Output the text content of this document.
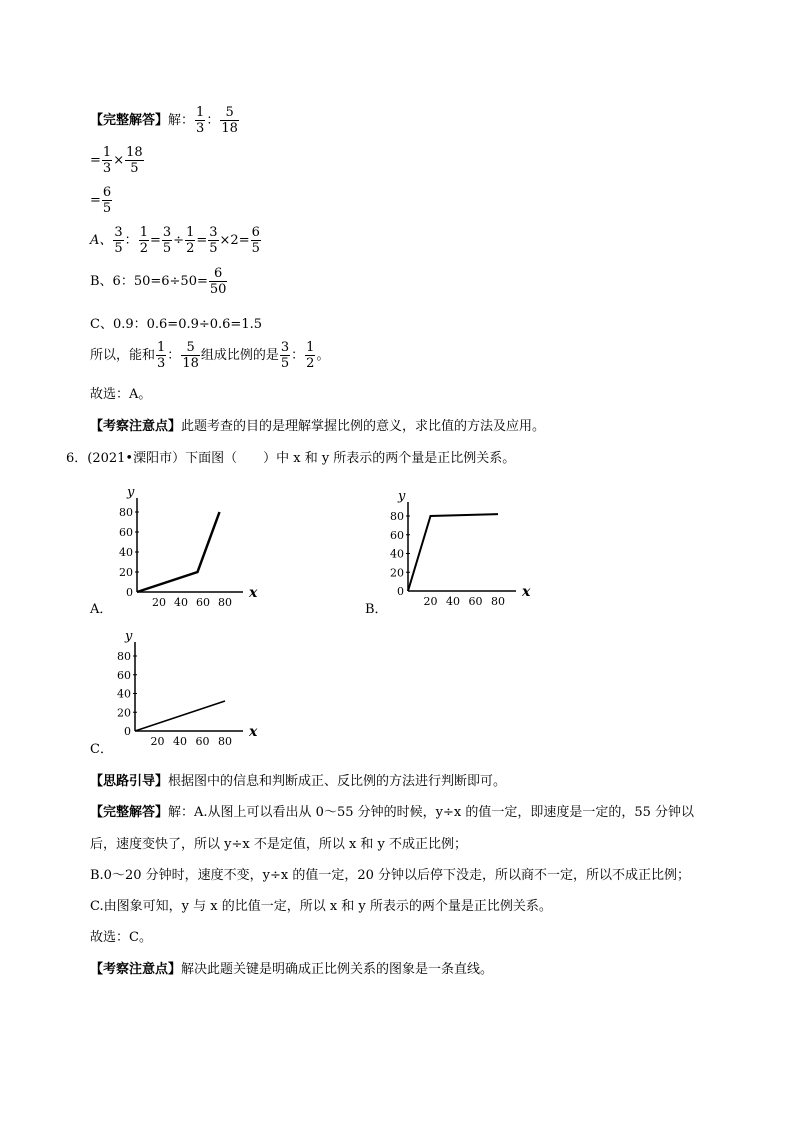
【完整解答】解： $\frac{1}{3}$ ： $\frac{5}{18}$
= $\frac{1}{3} \times \frac{18}{5}$
= $\frac{6}{5}$
A、 $\frac{3}{5}$ ： $\frac{1}{2} = \frac{3}{5} \div \frac{1}{2} = \frac{3}{5} \times 2= \frac{6}{5}$
B、6：$50=6\div 50= \frac{6}{50}$
C、0.9：0.6=0.9÷0.6=1.5
所以，能和 $\frac{1}{3}$ ： $\frac{5}{18}$ 组成比例的是 $\frac{3}{5}$ ： $\frac{1}{2}$ 。
故选：A。
【考察注意点】此题考查的目的是理解掌握比例的意义，求比值的方法及应用。
6．(2021•溧阳市）下面图（　　）中 x 和 y 所表示的两个量是正比例关系。
0
20
20
40
40
60
60
80
80
x
y
A．
0
20
20
40
40
60
60
80
80
x
y
B．
0
20
20
40
40
60
60
80
80
x
y
C．
【思路引导】根据图中的信息和判断成正、反比例的方法进行判断即可。
【完整解答】解：A.从图上可以看出从 0～55 分钟的时候，y÷x 的值一定，即速度是一定的，55 分钟以
后，速度变快了，所以 y÷x 不是定值，所以 x 和 y 不成正比例；
B.0～20 分钟时，速度不变，y÷x 的值一定，20 分钟以后停下没走，所以商不一定，所以不成正比例；
C.由图象可知，y 与 x 的比值一定，所以 x 和 y 所表示的两个量是正比例关系。
故选：C。
【考察注意点】解决此题关键是明确成正比例关系的图象是一条直线。
